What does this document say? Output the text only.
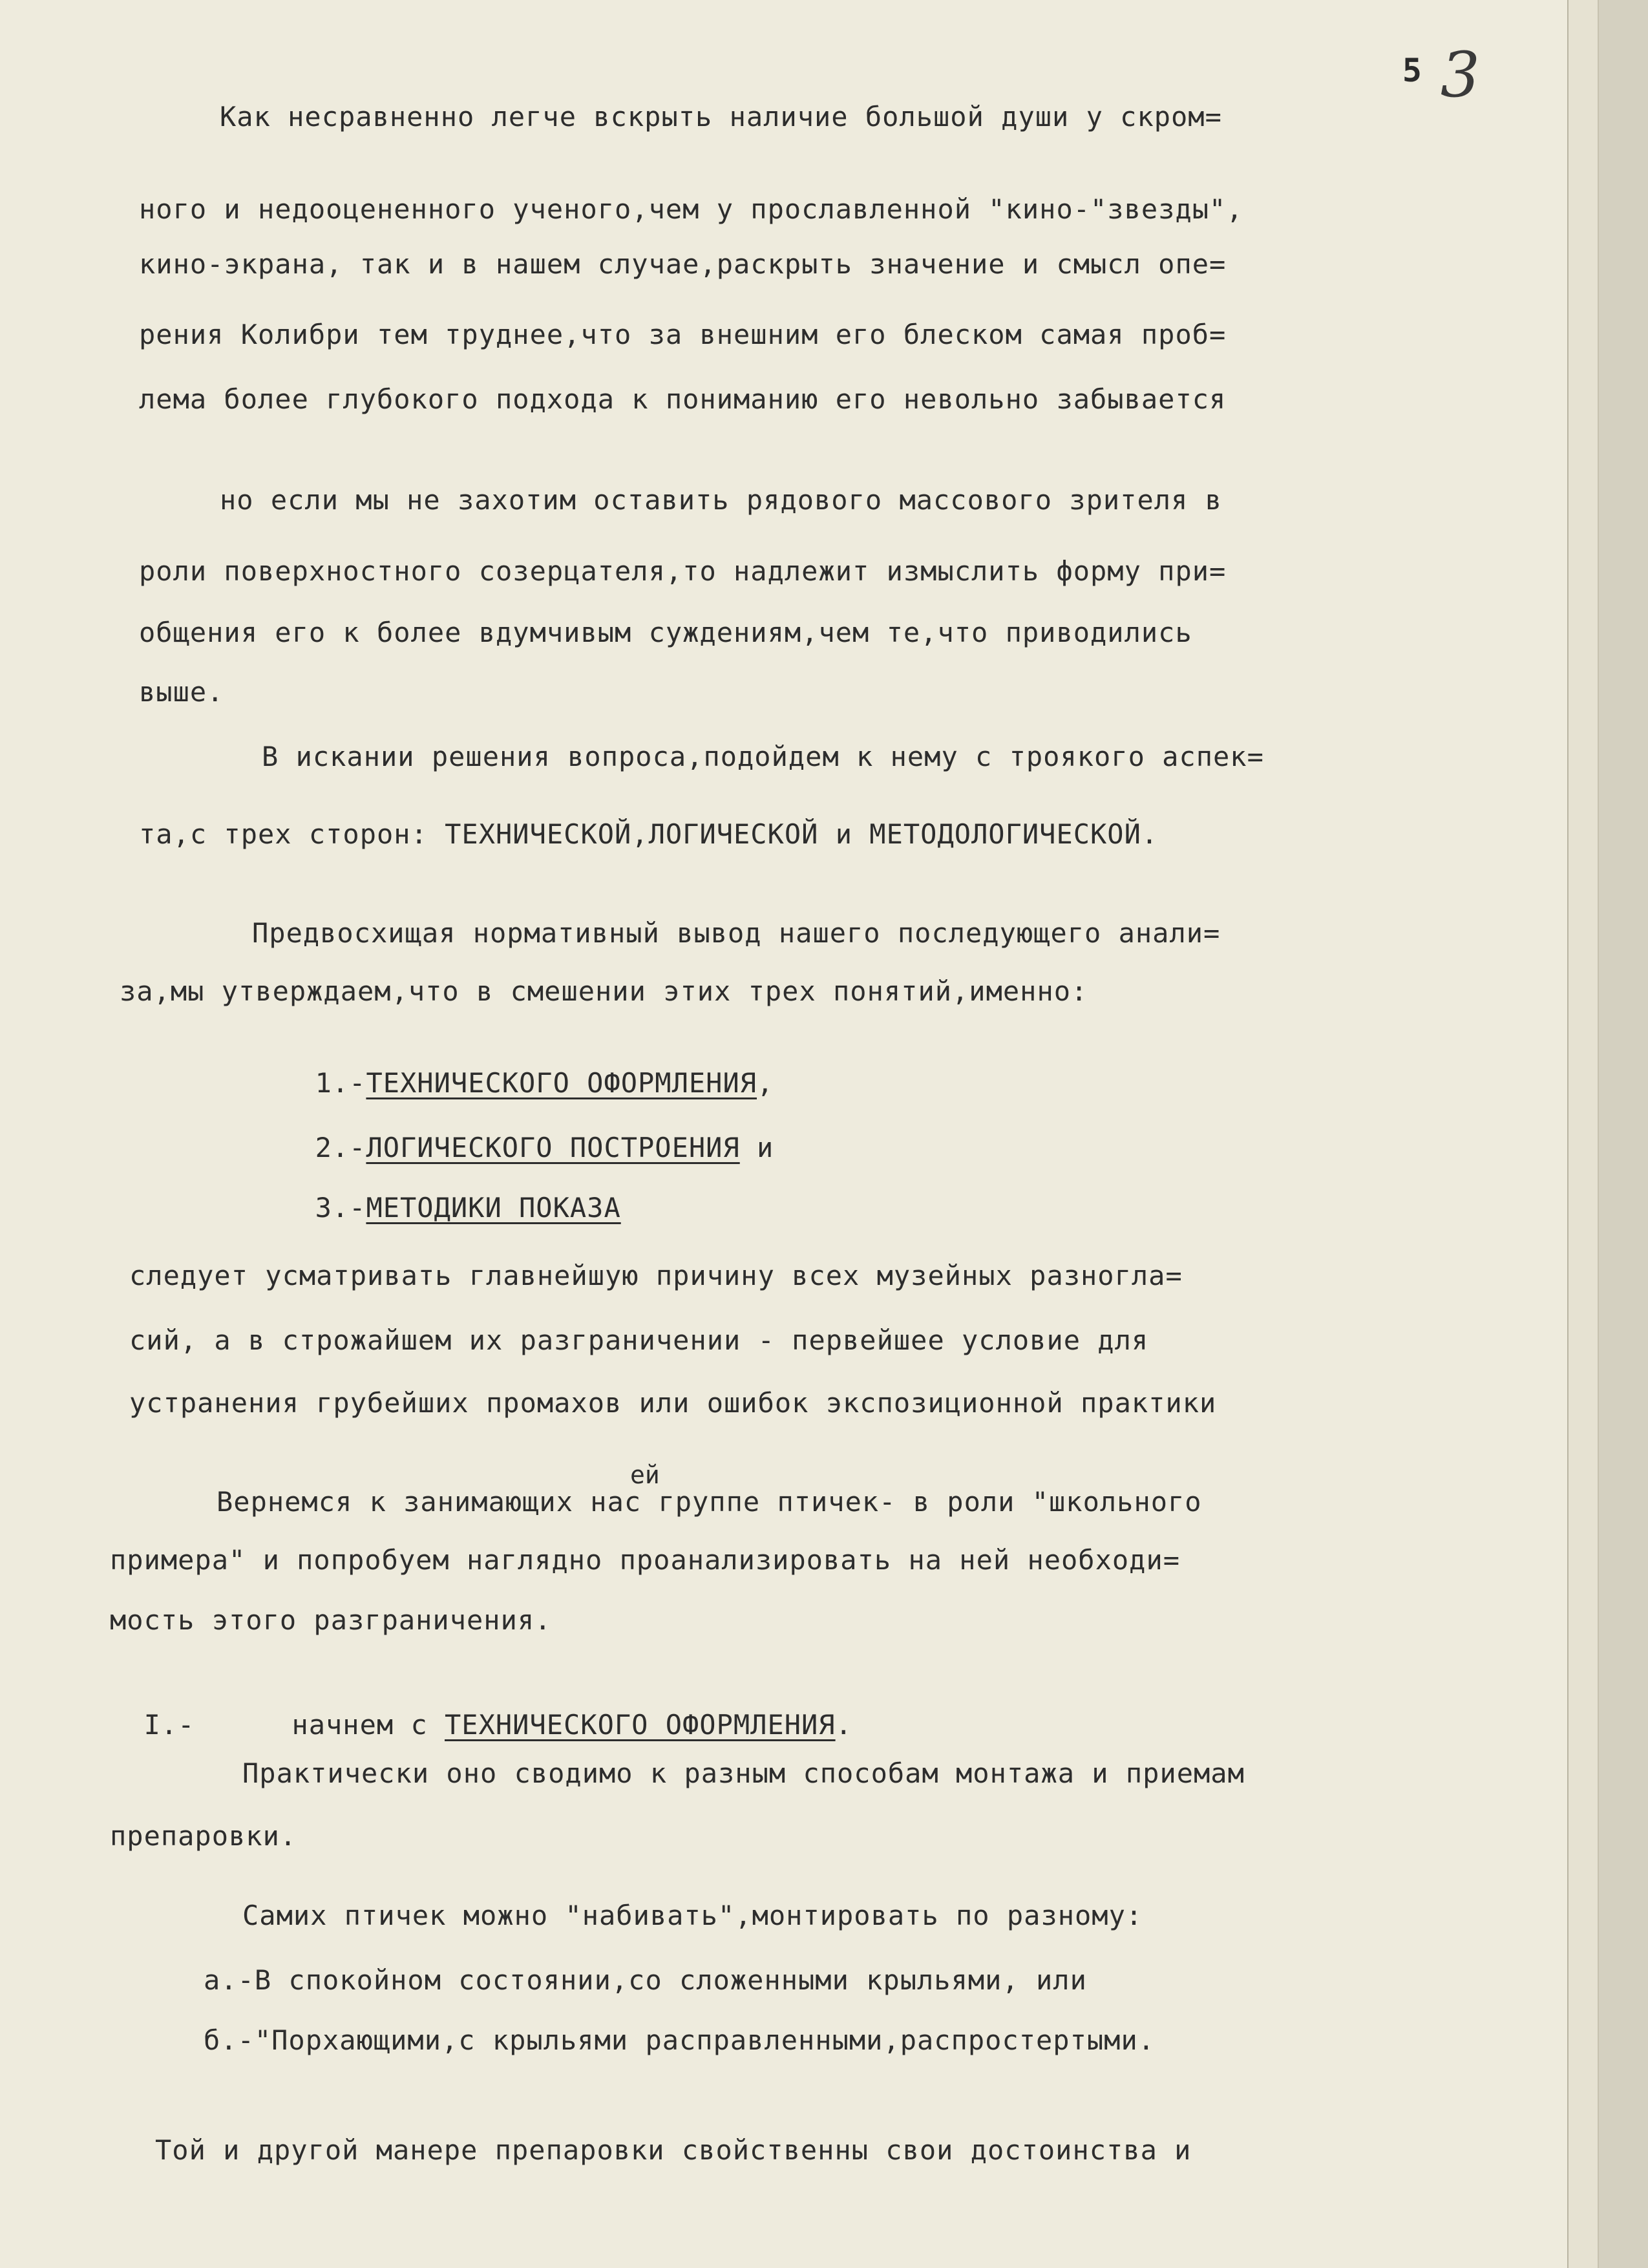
5 3
Как несравненно легче вскрыть наличие большой души у скром=
ного и недооцененного ученого,чем у прославленной "кино-"звезды",
кино-экрана, так и в нашем случае,раскрыть значение и смысл опе=
рения Колибри тем труднее,что за внешним его блеском самая проб=
лема более глубокого подхода к пониманию его невольно забывается
но если мы не захотим оставить рядового массового зрителя в
роли поверхностного созерцателя,то надлежит измыслить форму при=
общения его к более вдумчивым суждениям,чем те,что приводились
выше.
В искании решения вопроса,подойдем к нему с троякого аспек=
та,с трех сторон: ТЕХНИЧЕСКОЙ,ЛОГИЧЕСКОЙ и МЕТОДОЛОГИЧЕСКОЙ.
Предвосхищая нормативный вывод нашего последующего анали=
за,мы утверждаем,что в смешении этих трех понятий,именно:

1.-ТЕХНИЧЕСКОГО ОФОРМЛЕНИЯ,

2.-ЛОГИЧЕСКОГО ПОСТРОЕНИЯ и

3.-МЕТОДИКИ ПОКАЗА

следует усматривать главнейшую причину всех музейных разногла=
сий, а в строжайшем их разграничении - первейшее условие для
устранения грубейших промахов или ошибок экспозиционной практики
ей
Вернемся к занимающих нас группе птичек- в роли "школьного
примера" и попробуем наглядно проанализировать на ней необходи=
мость этого разграничения.

I.-	начнем с ТЕХНИЧЕСКОГО ОФОРМЛЕНИЯ.

Практически оно сводимо к разным способам монтажа и приемам
препаровки.
Самих птичек можно "набивать",монтировать по разному:
а.-В спокойном состоянии,со сложенными крыльями, или
б.-"Порхающими,с крыльями расправленными,распростертыми.
Той и другой манере препаровки свойственны свои достоинства и
